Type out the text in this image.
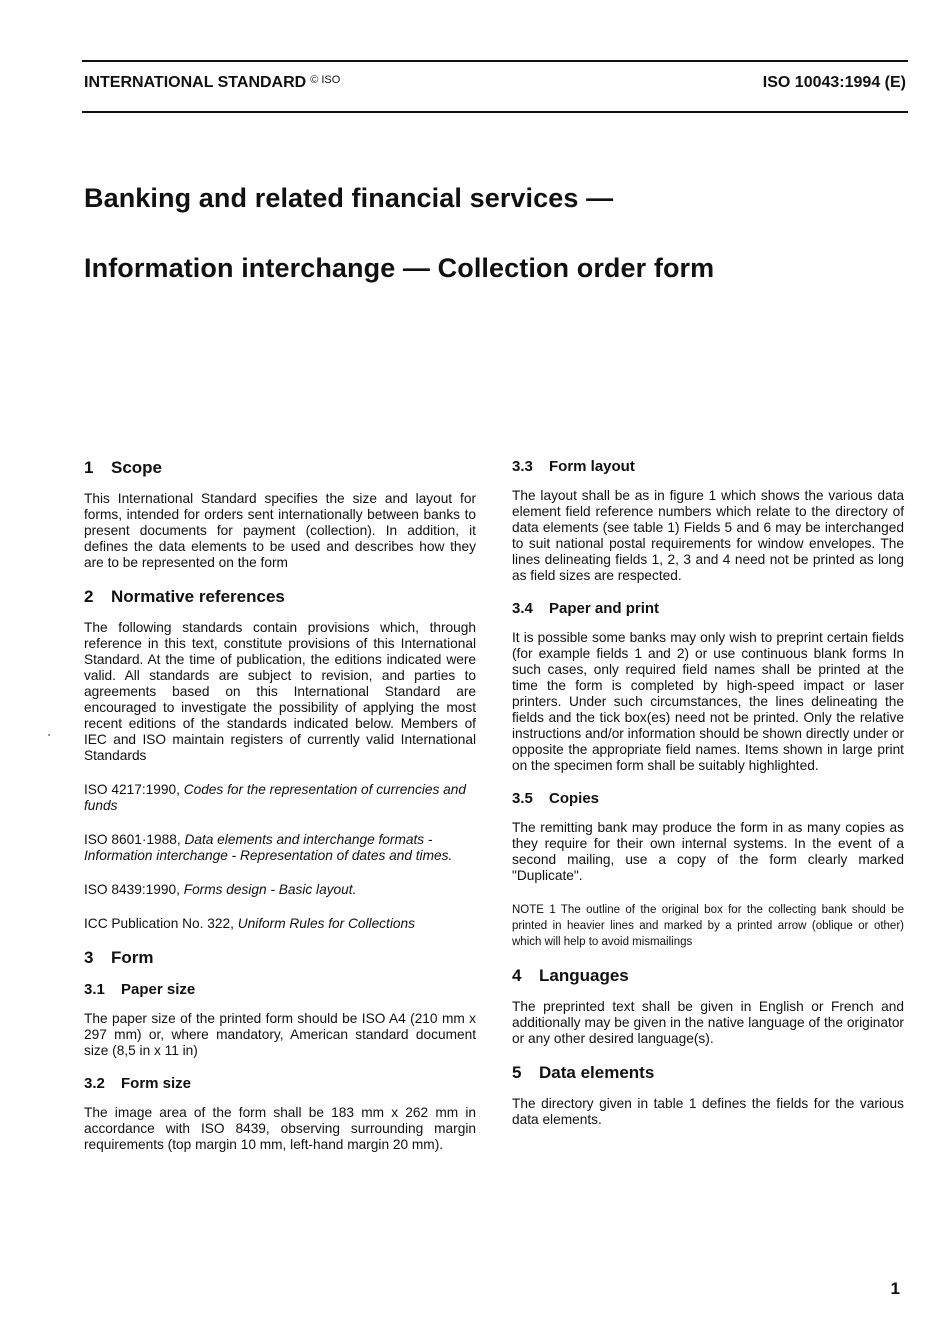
INTERNATIONAL STANDARD $^{© ISO}$	ISO 10043:1994 (E)
Banking and related financial services —
Information interchange — Collection order form
1 Scope

This International Standard specifies the size and layout for forms, intended for orders sent internationally between banks to present documents for payment (collection). In addition, it defines the data elements to be used and describes how they are to be represented on the form

2 Normative references

The following standards contain provisions which, through reference in this text, constitute provisions of this International Standard. At the time of publication, the editions indicated were valid. All standards are subject to revision, and parties to agreements based on this International Standard are encouraged to investigate the possibility of applying the most recent editions of the standards indicated below. Members of IEC and ISO maintain registers of currently valid International Standards

ISO 4217:1990, Codes for the representation of currencies and funds

ISO 8601·1988, Data elements and interchange formats - Information interchange - Representation of dates and times.

ISO 8439:1990, Forms design - Basic layout.

ICC Publication No. 322, Uniform Rules for Collections

3 Form
3.1 Paper size

The paper size of the printed form should be ISO A4 (210 mm x 297 mm) or, where mandatory, American standard document size (8,5 in x 11 in)

3.2 Form size

The image area of the form shall be 183 mm x 262 mm in accordance with ISO 8439, observing surrounding margin requirements (top margin 10 mm, left-hand margin 20 mm).

3.3 Form layout

The layout shall be as in figure 1 which shows the various data element field reference numbers which relate to the directory of data elements (see table 1) Fields 5 and 6 may be interchanged to suit national postal requirements for window envelopes. The lines delineating fields 1, 2, 3 and 4 need not be printed as long as field sizes are respected.

3.4 Paper and print

It is possible some banks may only wish to preprint certain fields (for example fields 1 and 2) or use continuous blank forms In such cases, only required field names shall be printed at the time the form is completed by high-speed impact or laser printers. Under such circumstances, the lines delineating the fields and the tick box(es) need not be printed. Only the relative instructions and/or information should be shown directly under or opposite the appropriate field names. Items shown in large print on the specimen form shall be suitably highlighted.

3.5 Copies

The remitting bank may produce the form in as many copies as they require for their own internal systems. In the event of a second mailing, use a copy of the form clearly marked "Duplicate".

NOTE 1 The outline of the original box for the collecting bank should be printed in heavier lines and marked by a printed arrow (oblique or other) which will help to avoid mismailings

4 Languages

The preprinted text shall be given in English or French and additionally may be given in the native language of the originator or any other desired language(s).

5 Data elements

The directory given in table 1 defines the fields for the various data elements.

1
